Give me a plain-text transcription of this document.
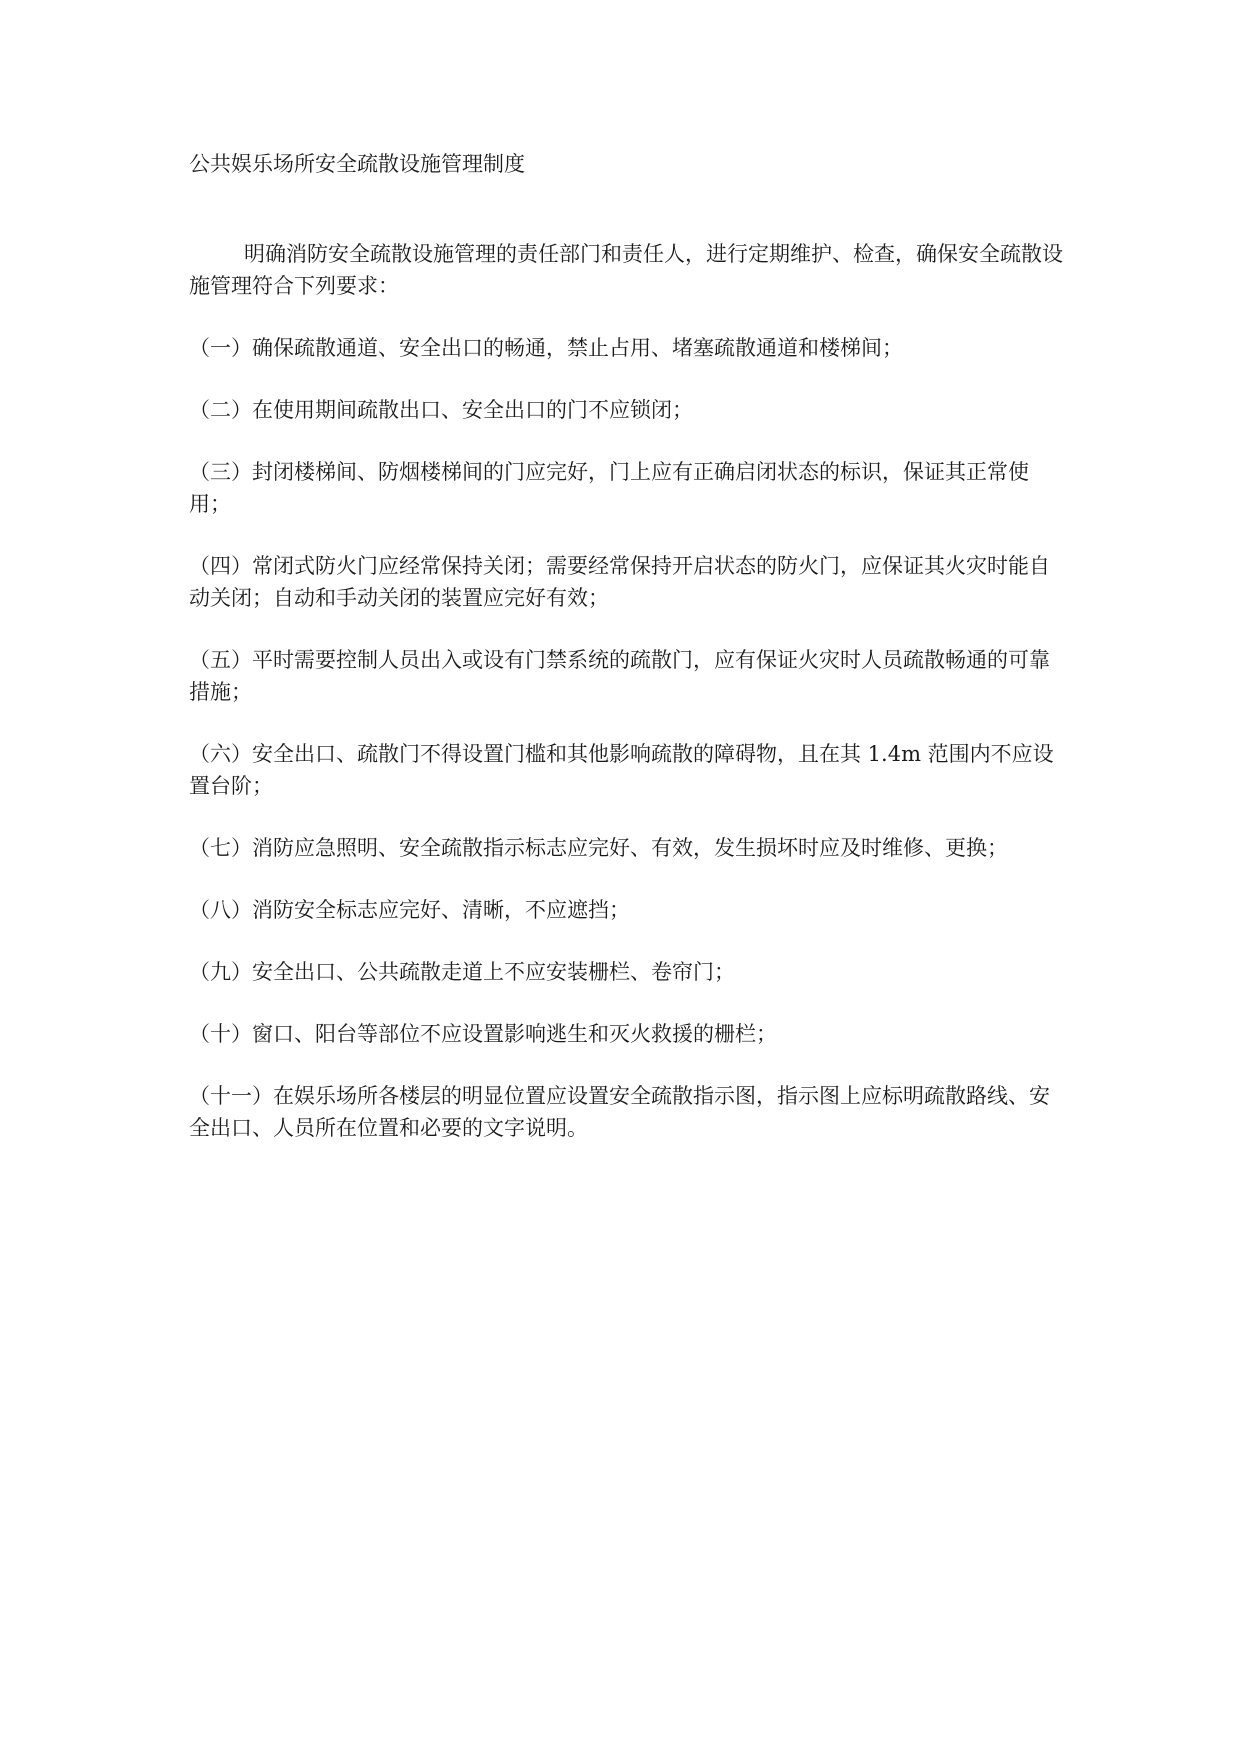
公共娱乐场所安全疏散设施管理制度

明确消防安全疏散设施管理的责任部门和责任人，进行定期维护、检查，确保安全疏散设施管理符合下列要求：

（一）确保疏散通道、安全出口的畅通，禁止占用、堵塞疏散通道和楼梯间；

（二）在使用期间疏散出口、安全出口的门不应锁闭；

（三）封闭楼梯间、防烟楼梯间的门应完好，门上应有正确启闭状态的标识，保证其正常使用；

（四）常闭式防火门应经常保持关闭；需要经常保持开启状态的防火门，应保证其火灾时能自动关闭；自动和手动关闭的装置应完好有效；

（五）平时需要控制人员出入或设有门禁系统的疏散门，应有保证火灾时人员疏散畅通的可靠措施；

（六）安全出口、疏散门不得设置门槛和其他影响疏散的障碍物，且在其 1.4m 范围内不应设置台阶；

（七）消防应急照明、安全疏散指示标志应完好、有效，发生损坏时应及时维修、更换；

（八）消防安全标志应完好、清晰，不应遮挡；

（九）安全出口、公共疏散走道上不应安装栅栏、卷帘门；

（十）窗口、阳台等部位不应设置影响逃生和灭火救援的栅栏；

（十一）在娱乐场所各楼层的明显位置应设置安全疏散指示图，指示图上应标明疏散路线、安全出口、人员所在位置和必要的文字说明。
